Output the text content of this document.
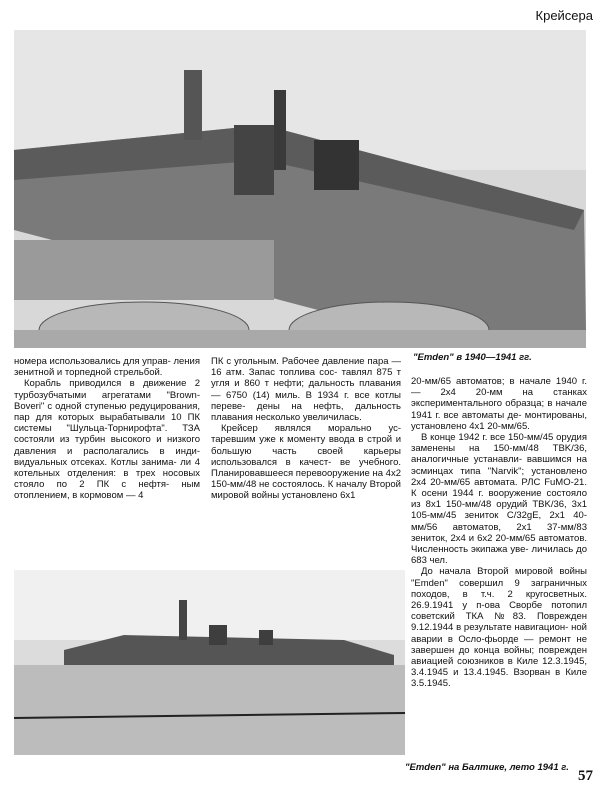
Крейсера
"Emden" в 1940—1941 гг.

номера использовались для управ- ления зенитной и торпедной стрельбой.

Корабль приводился в движение 2 турбозубчатыми агрегатами "Brown-Boveri" с одной ступенью редуцирования, пар для которых вырабатывали 10 ПК системы "Шульца-Торнирофта". ТЗА состояли из турбин высокого и низкого давления и располагались в инди- видуальных отсеках. Котлы занима- ли 4 котельных отделения: в трех носовых стояло по 2 ПК с нефтя- ным отоплением, в кормовом — 4

ПК с угольным. Рабочее давление пара — 16 атм. Запас топлива сос- тавлял 875 т угля и 860 т нефти; дальность плавания — 6750 (14) миль. В 1934 г. все котлы переве- дены на нефть, дальность плавания несколько увеличилась.

Крейсер являлся морально ус- таревшим уже к моменту ввода в строй и большую часть своей карьеры использовался в качест- ве учебного. Планировавшееся перевооружение на 4x2 150-мм/48 не состоялось. К началу Второй мировой войны установлено 6x1

20-мм/65 автоматов; в начале 1940 г. — 2x4 20-мм на станках экспериментального образца; в начале 1941 г. все автоматы де- монтированы, установлено 4x1 20-мм/65.

В конце 1942 г. все 150-мм/45 орудия заменены на 150-мм/48 TBK/36, аналогичные устанавли- вавшимся на эсминцах типа "Narvik"; установлено 2x4 20-мм/65 автомата. РЛС FuMO-21. К осени 1944 г. вооружение состояло из 8x1 150-мм/48 орудий TBK/36, 3x1 105-мм/45 зениток C/32gE, 2x1 40-мм/56 автоматов, 2x1 37-мм/83 зениток, 2x4 и 6x2 20-мм/65 автоматов. Численность экипажа уве- личилась до 683 чел.

До начала Второй мировой войны "Emden" совершил 9 заграничных походов, в т.ч. 2 кругосветных. 26.9.1941 у п-ова Сворбе потопил советский ТКА №83. Поврежден 9.12.1944 в результате навигацион- ной аварии в Осло-фьорде — ремонт не завершен до конца войны; поврежден авиацией союзников в Киле 12.3.1945, 3.4.1945 и 13.4.1945. Взорван в Киле 3.5.1945.

"Emden" на Балтике, лето 1941 г.
57
